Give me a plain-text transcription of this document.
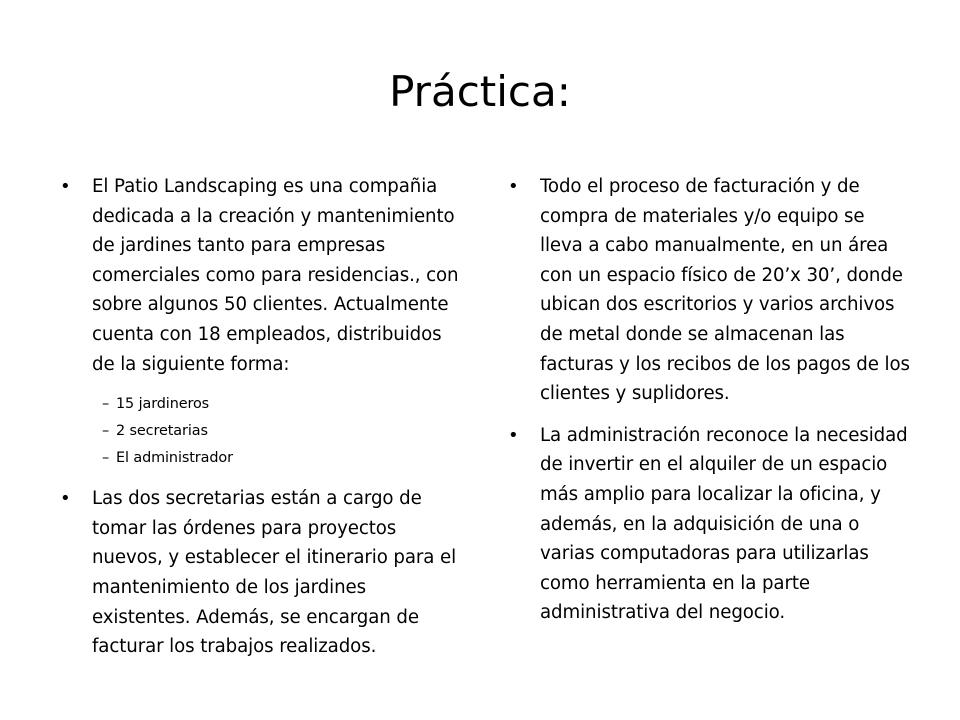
Práctica:
•	El Patio Landscaping es una compañia dedicada a la creación y mantenimiento de jardines tanto para empresas comerciales como para residencias., con sobre algunos 50 clientes. Actualmente cuenta con 18 empleados, distribuidos de la siguiente forma:
– 15 jardineros
– 2 secretarias
– El administrador
•	Las dos secretarias están a cargo de tomar las órdenes para proyectos nuevos, y establecer el itinerario para el mantenimiento de los jardines existentes. Además, se encargan de facturar los trabajos realizados.
•	Todo el proceso de facturación y de compra de materiales y/o equipo se lleva a cabo manualmente, en un área con un espacio físico de 20’x 30’, donde ubican dos escritorios y varios archivos de metal donde se almacenan las facturas y los recibos de los pagos de los clientes y suplidores.
•	La administración reconoce la necesidad de invertir en el alquiler de un espacio más amplio para localizar la oficina, y además, en la adquisición de una o varias computadoras para utilizarlas como herramienta en la parte administrativa del negocio.
